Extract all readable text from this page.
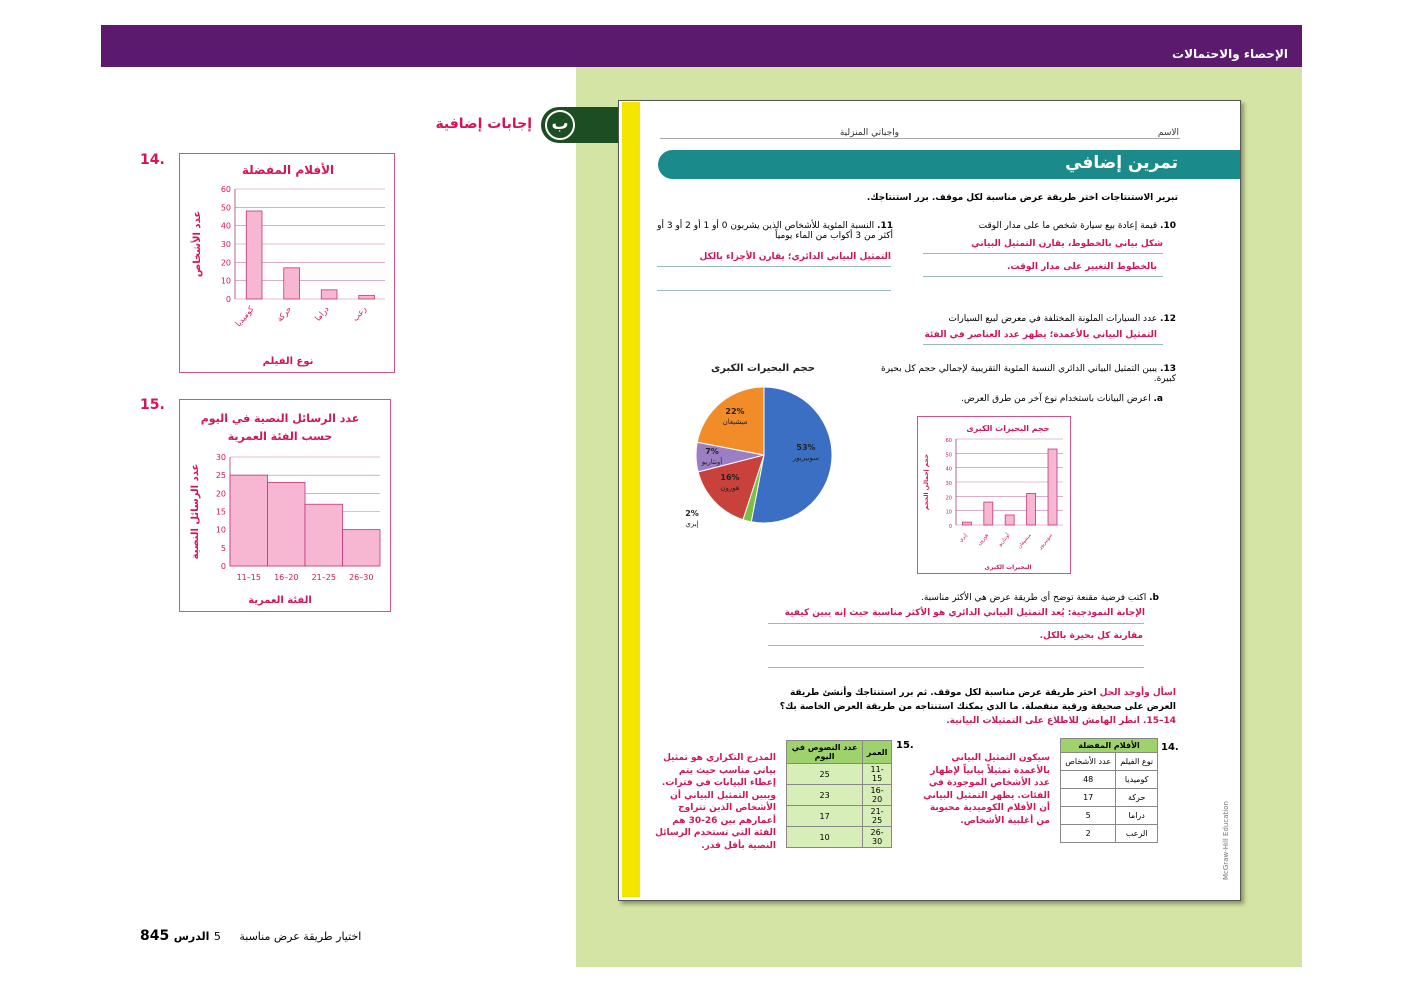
الإحصاء والاحتمالات
إجابات إضافية	ب
14.
الأفلام المفضلة
60
50
40
30
20
10
0
كوميديا حركة	دراما رعب
نوع الفيلم
عدد الأشخاص
15.
عدد الرسائل النصية في اليوم
حسب الفئة العمرية
30
25
20
15
10
5
0
11–15 16–20 21–25 26–30
الفئة العمرية
عدد الرسائل النصية
الاسم
واجباتي المنزلية
تمرين إضافي
تبرير الاستنتاجات اختر طريقة عرض مناسبة لكل موقف. برر استنتاجك.
10. قيمة إعادة بيع سيارة شخص ما على مدار الوقت
شكل بياني بالخطوط، يقارن التمثيل البياني
بالخطوط التغيير على مدار الوقت.
11. النسبة المئوية للأشخاص الذين يشربون 0 أو 1 أو 2 أو 3 أو أكثر من 3 أكواب من الماء يومياً
التمثيل البياني الدائري؛ يقارن الأجزاء بالكل
12. عدد السيارات الملونة المختلفة في معرض لبيع السيارات
التمثيل البياني بالأعمدة؛ يظهر عدد العناصر في الفئة
13. يبين التمثيل البياني الدائري النسبة المئوية التقريبية لإجمالي حجم كل بحيرة كبيرة.
a. اعرض البيانات باستخدام نوع آخر من طرق العرض.
حجم البحيرات الكبرى
53%
سوبيريور
2%
إيري
16%
هورون
7%
أونتاريو
22%
ميشيغان
حجم البحيرات الكبرى
60
50
40
30
20
10
0
إيري هورون أونتاريو ميشيغان سوبيريور
البحيرات الكبرى
حجم إجمالي الحجم
b. اكتب فرضية مقنعة توضح أي طريقة عرض هي الأكثر مناسبة.
الإجابة النموذجية: يُعد التمثيل البياني الدائري هو الأكثر مناسبة حيث إنه يبين كيفية
مقارنة كل بحيرة بالكل.
اسأل وأوجد الحل اختر طريقة عرض مناسبة لكل موقف. ثم برر استنتاجك وأنشئ طريقة العرض على صحيفة ورقية منفصلة. ما الذي يمكنك استنتاجه من طريقة العرض الخاصة بك؟
14–15. انظر الهامش للاطلاع على التمثيلات البيانية.
14.
الأفلام المفضلة	
نوع الفيلم	عدد الأشخاص
كوميديا	48
حركة	17
دراما	5
الرعب	2
سيكون التمثيل البياني بالأعمدة تمثيلاً بيانياً لإظهار عدد الأشخاص الموجودة في الفئات. يظهر التمثيل البياني أن الأفلام الكوميدية محبوبة من أغلبية الأشخاص.
15.
العمر	عدد النصوص في اليوم
11-15	25
16-20	23
21-25	17
26-30	10
المدرج التكراري هو تمثيل بياني مناسب حيث يتم إعطاء البيانات في فترات. ويبين التمثيل البياني أن الأشخاص الذين تتراوح أعمارهم بين 26-30 هم الفئة التي تستخدم الرسائل النصية بأقل قدر.	McGraw-Hill Education
845	اختيار طريقة عرض مناسبة 5 الدرس
